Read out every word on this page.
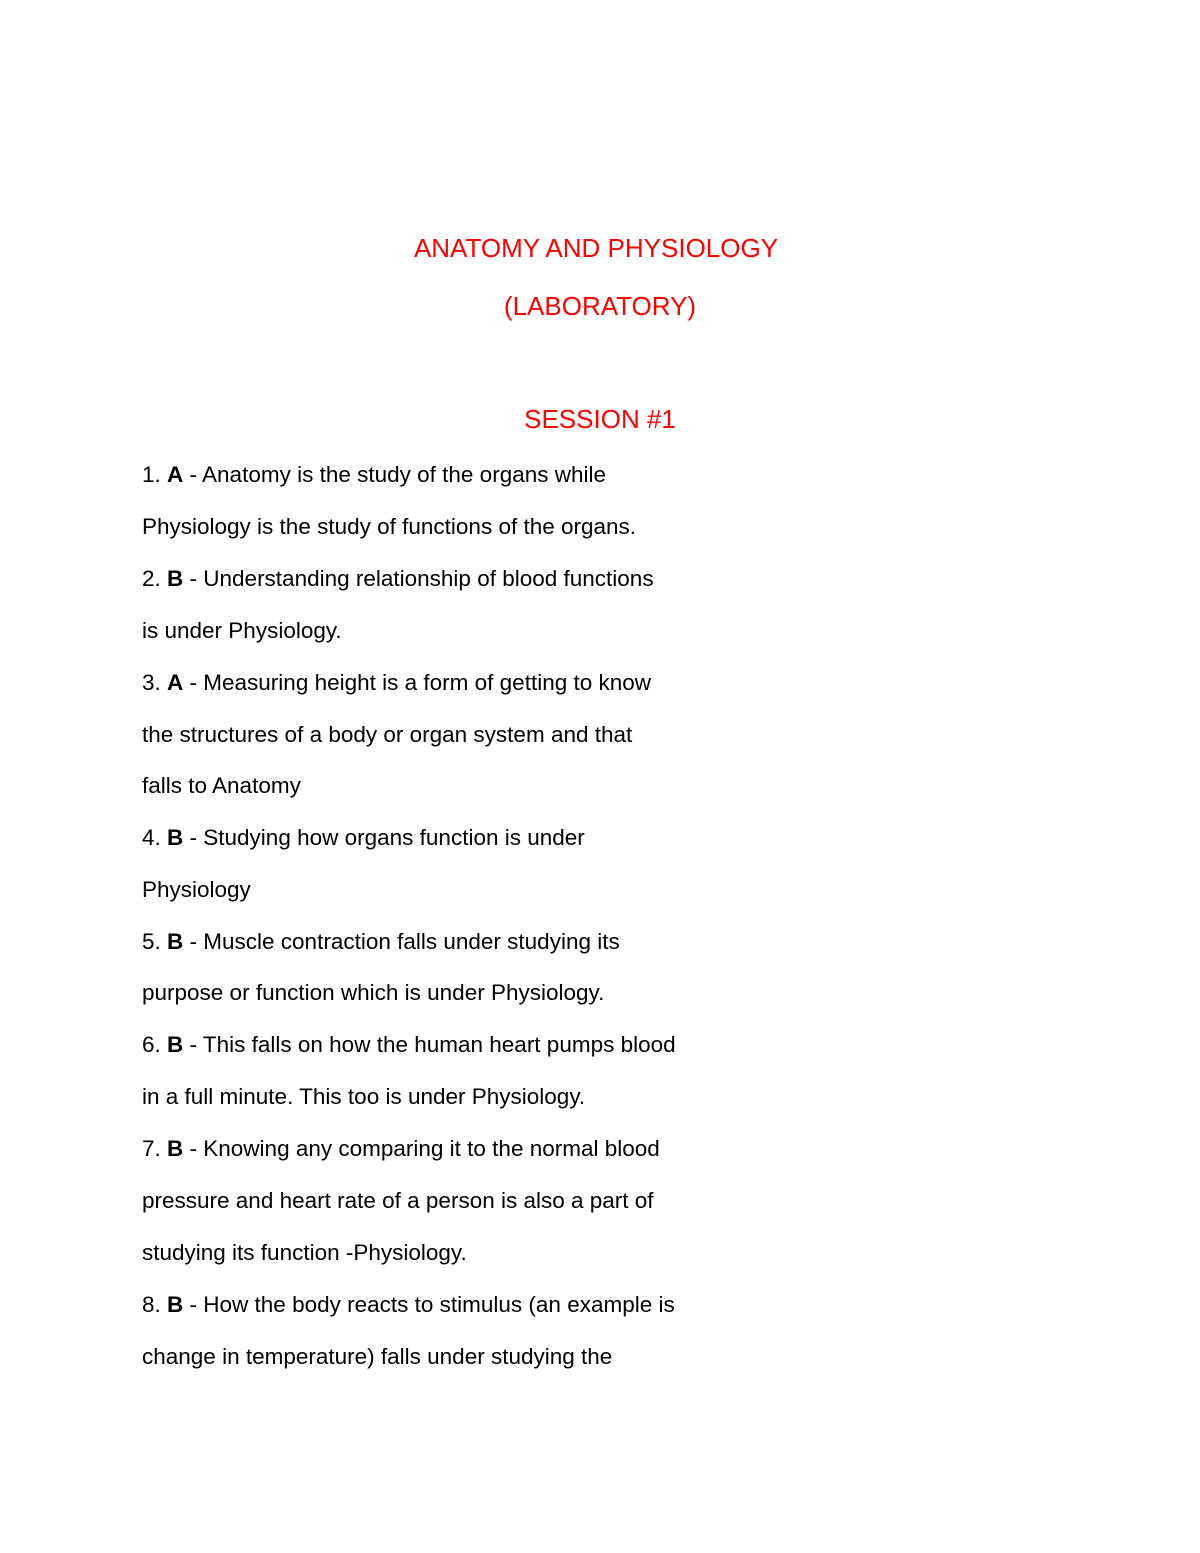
ANATOMY AND PHYSIOLOGY
(LABORATORY)
SESSION #1
1. A - Anatomy is the study of the organs while
Physiology is the study of functions of the organs.
2. B - Understanding relationship of blood functions
is under Physiology.
3. A - Measuring height is a form of getting to know
the structures of a body or organ system and that
falls to Anatomy
4. B - Studying how organs function is under
Physiology
5. B - Muscle contraction falls under studying its
purpose or function which is under Physiology.
6. B - This falls on how the human heart pumps blood
in a full minute. This too is under Physiology.
7. B - Knowing any comparing it to the normal blood
pressure and heart rate of a person is also a part of
studying its function -Physiology.
8. B - How the body reacts to stimulus (an example is
change in temperature) falls under studying the
